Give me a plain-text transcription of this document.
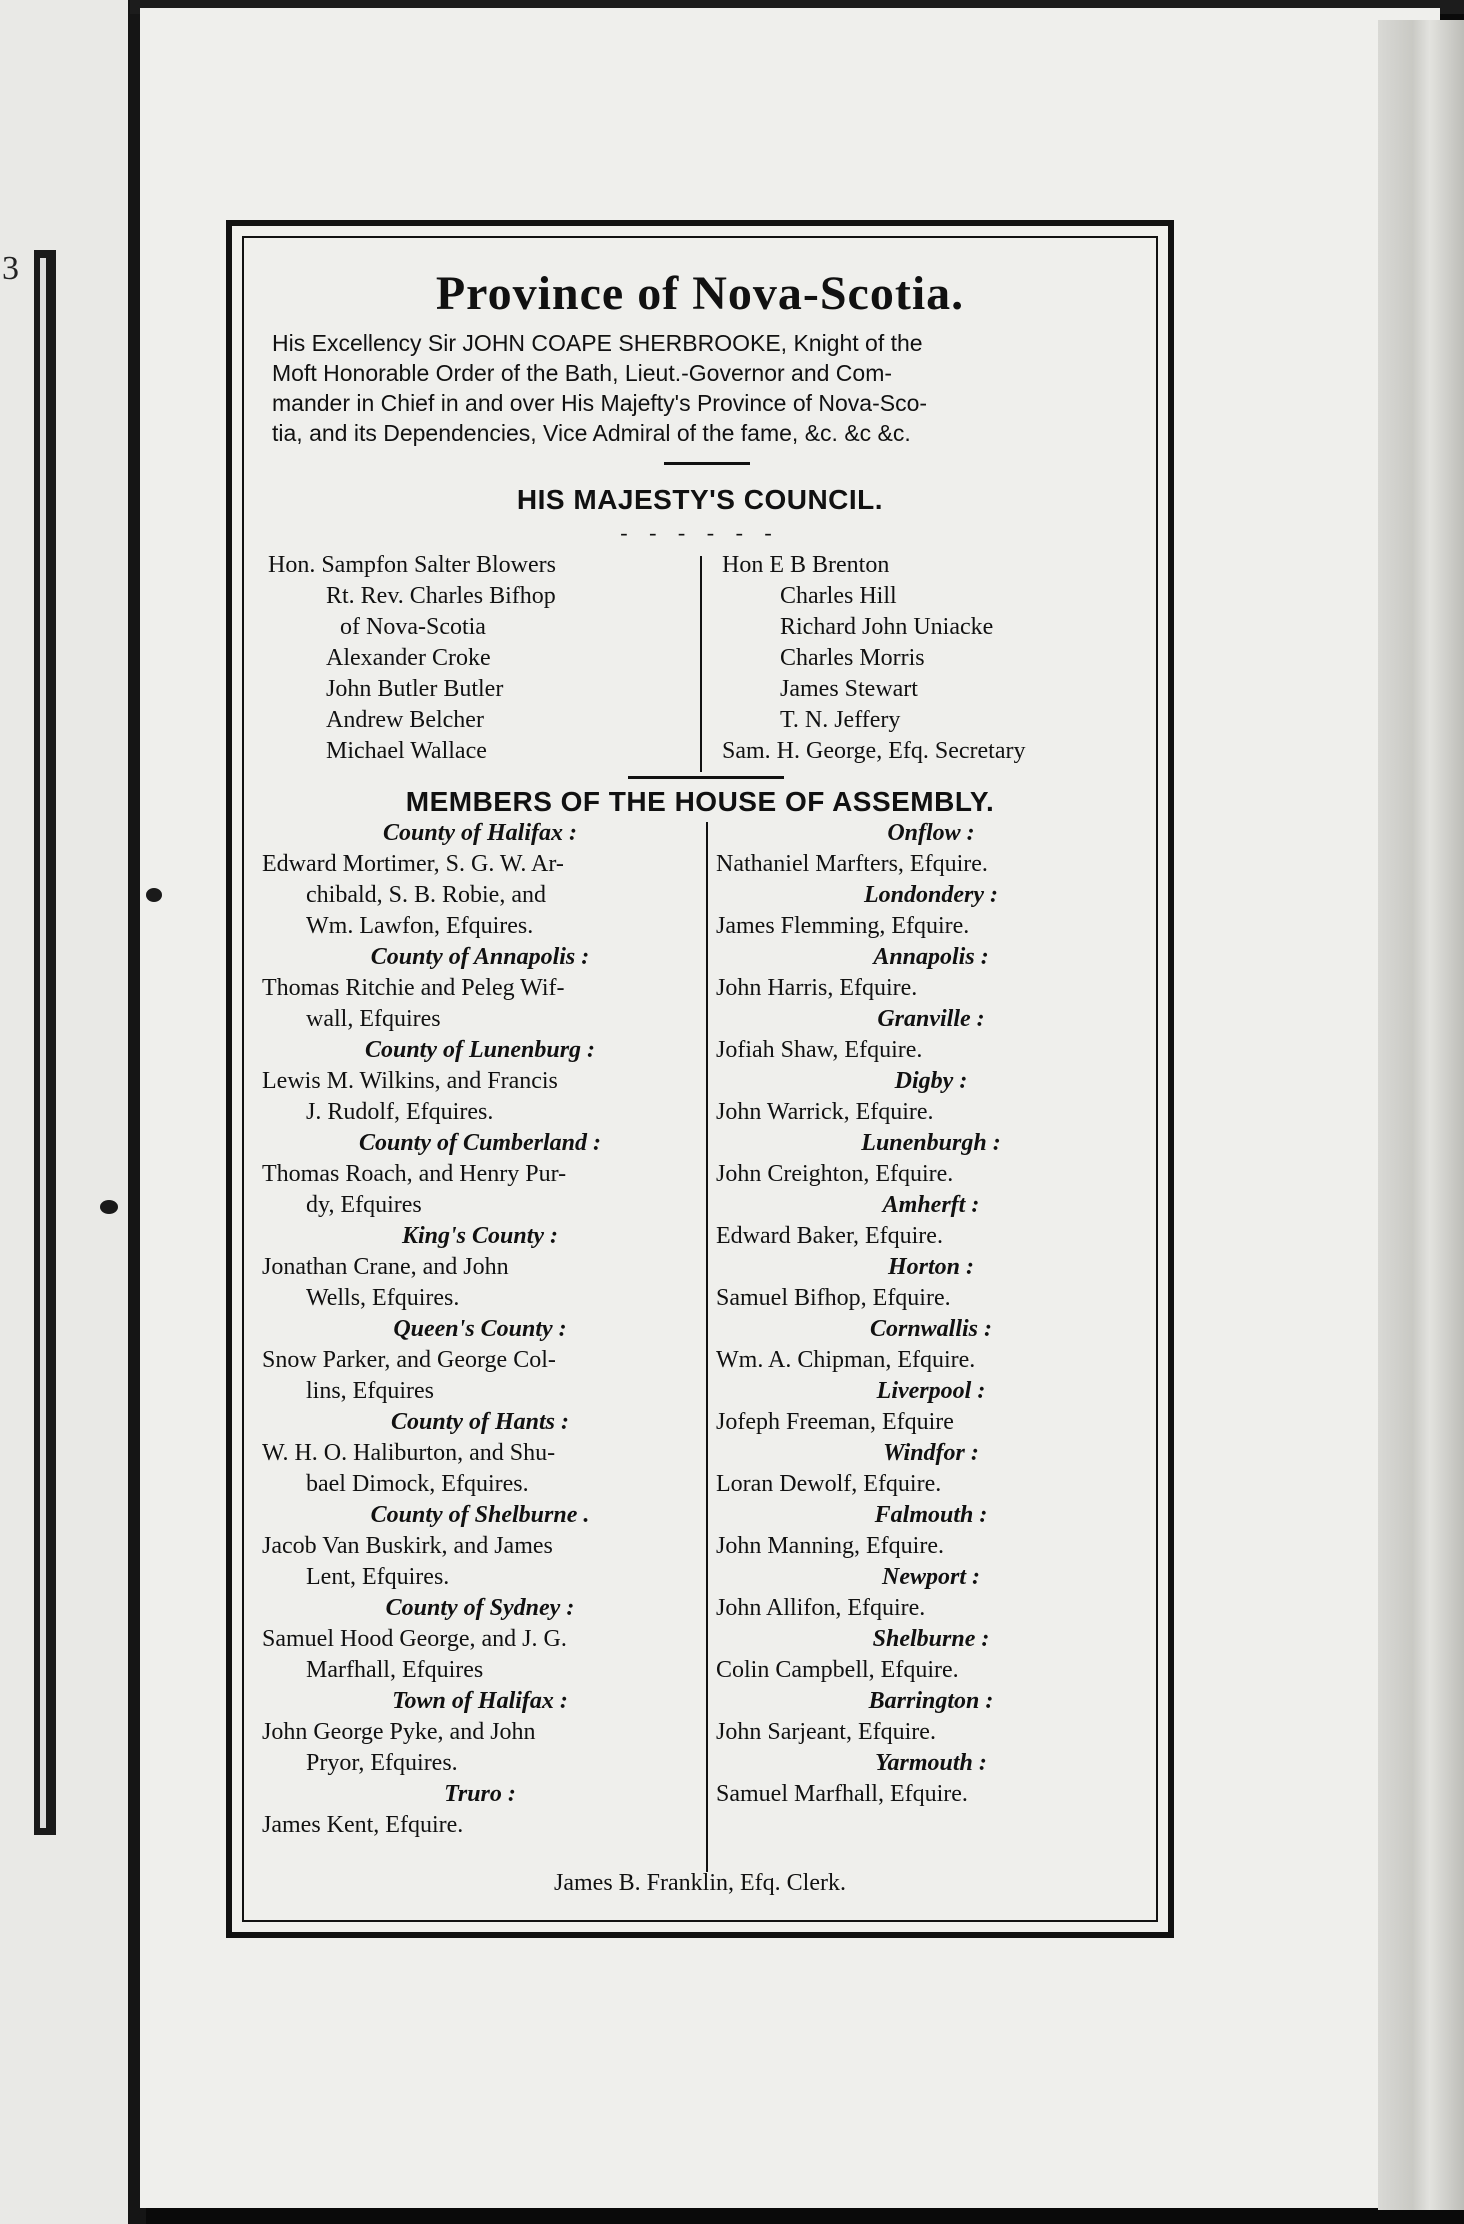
3	Province of Nova-Scotia.
His Excellency Sir JOHN COAPE SHERBROOKE, Knight of the
Moft Honorable Order of the Bath, Lieut.-Governor and Com-
mander in Chief in and over His Majefty's Province of Nova-Sco-
tia, and its Dependencies, Vice Admiral of the fame, &c. &c &c.
HIS MAJESTY'S COUNCIL.
- - - - - -
Hon. Sampfon Salter Blowers
Rt. Rev. Charles Bifhop
of Nova-Scotia
Alexander Croke
John Butler Butler
Andrew Belcher
Michael Wallace
Hon E B Brenton
Charles Hill
Richard John Uniacke
Charles Morris
James Stewart
T. N. Jeffery
Sam. H. George, Efq. Secretary
MEMBERS OF THE HOUSE OF ASSEMBLY.
County of Halifax :
Edward Mortimer, S. G. W. Ar-
chibald, S. B. Robie, and
Wm. Lawfon, Efquires.
County of Annapolis :
Thomas Ritchie and Peleg Wif-
wall, Efquires
County of Lunenburg :
Lewis M. Wilkins, and Francis
J. Rudolf, Efquires.
County of Cumberland :
Thomas Roach, and Henry Pur-
dy, Efquires
King's County :
Jonathan Crane, and John
Wells, Efquires.
Queen's County :
Snow Parker, and George Col-
lins, Efquires
County of Hants :
W. H. O. Haliburton, and Shu-
bael Dimock, Efquires.
County of Shelburne .
Jacob Van Buskirk, and James
Lent, Efquires.
County of Sydney :
Samuel Hood George, and J. G.
Marfhall, Efquires
Town of Halifax :
John George Pyke, and John
Pryor, Efquires.
Truro :
James Kent, Efquire.
Onflow :
Nathaniel Marfters, Efquire.
Londondery :
James Flemming, Efquire.
Annapolis :
John Harris, Efquire.
Granville :
Jofiah Shaw, Efquire.
Digby :
John Warrick, Efquire.
Lunenburgh :
John Creighton, Efquire.
Amherft :
Edward Baker, Efquire.
Horton :
Samuel Bifhop, Efquire.
Cornwallis :
Wm. A. Chipman, Efquire.
Liverpool :
Jofeph Freeman, Efquire
Windfor :
Loran Dewolf, Efquire.
Falmouth :
John Manning, Efquire.
Newport :
John Allifon, Efquire.
Shelburne :
Colin Campbell, Efquire.
Barrington :
John Sarjeant, Efquire.
Yarmouth :
Samuel Marfhall, Efquire.
James B. Franklin, Efq. Clerk.
